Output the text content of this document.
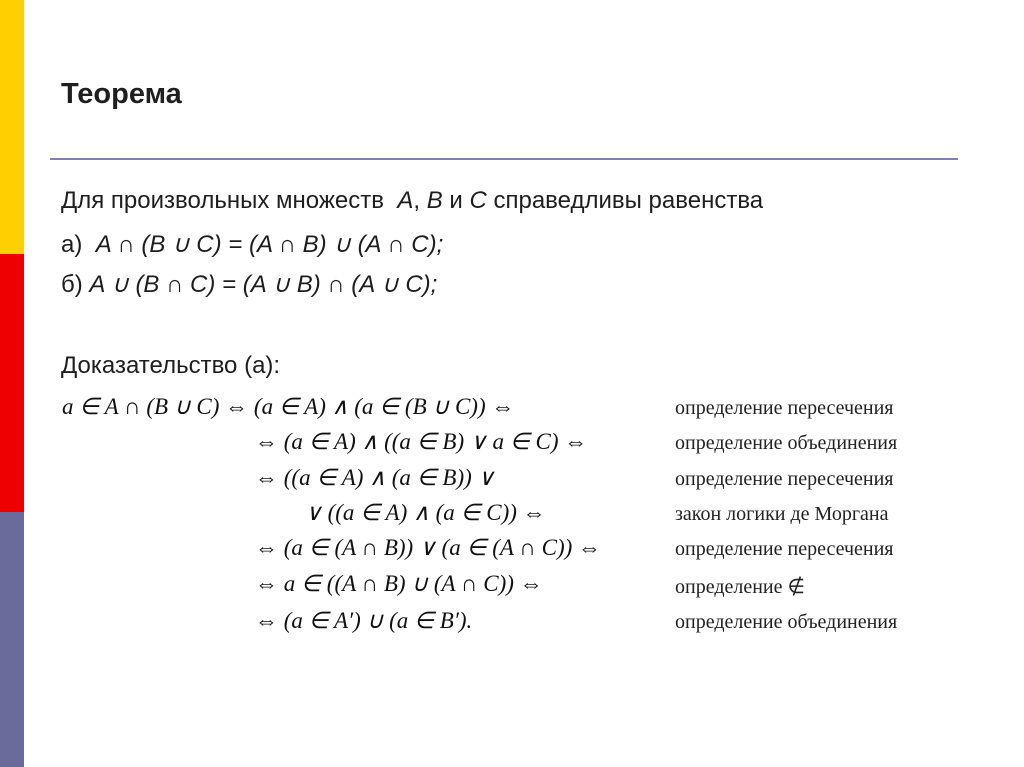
Теорема
Для произвольных множеств A, B и C справедливы равенства
а) A ∩ (B ∪ C) = (A ∩ B) ∪ (A ∩ C);
б) A ∪ (B ∩ C) = (A ∪ B) ∩ (A ∪ C);
Доказательство (а):
a ∈ A ∩ (B ∪ C) ⇔ (a ∈ A) ∧ (a ∈ (B ∪ C)) ⇔	определение пересечения
⇔ (a ∈ A) ∧ ((a ∈ B) ∨ a ∈ C) ⇔	определение объединения
⇔ ((a ∈ A) ∧ (a ∈ B)) ∨	определение пересечения
∨ ((a ∈ A) ∧ (a ∈ C)) ⇔	закон логики де Моргана
⇔ (a ∈ (A ∩ B)) ∨ (a ∈ (A ∩ C)) ⇔	определение пересечения
⇔ a ∈ ((A ∩ B) ∪ (A ∩ C)) ⇔	определение ∉
⇔ (a ∈ A′) ∪ (a ∈ B′).	определение объединения
